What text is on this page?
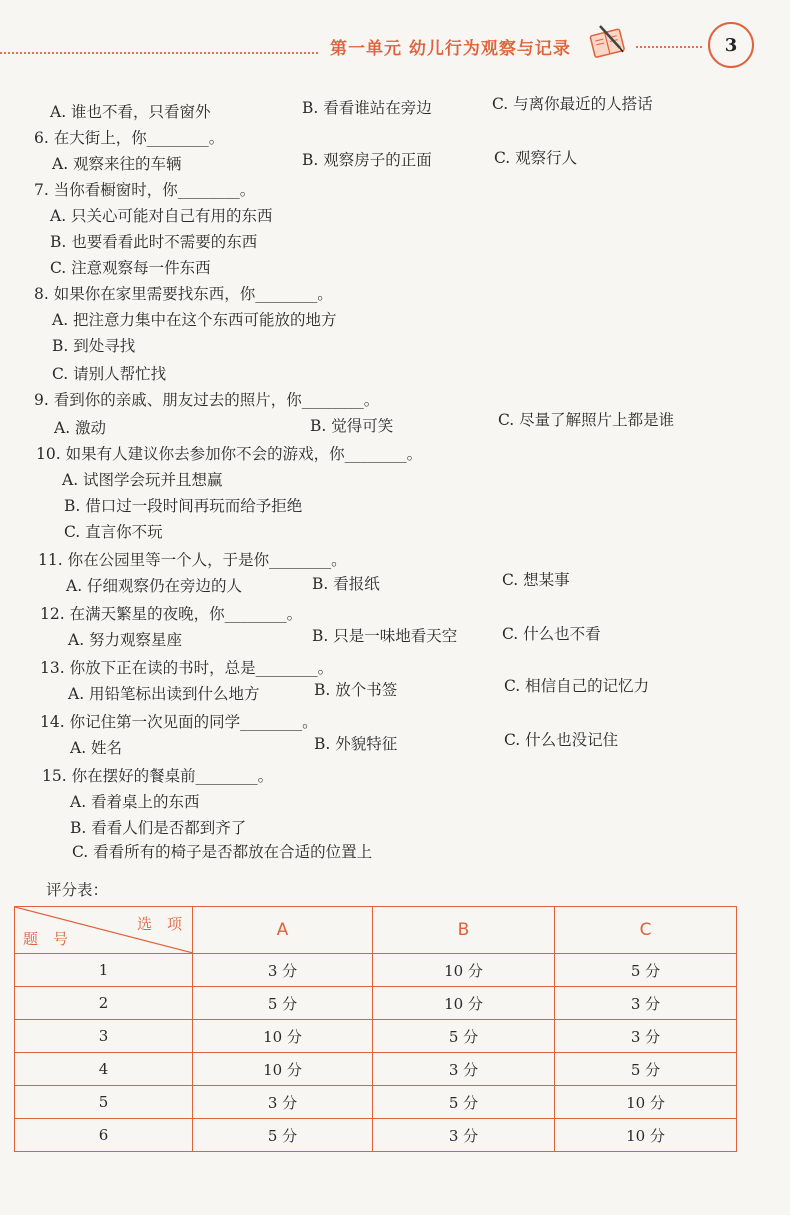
第一单元 幼儿行为观察与记录	3
6. 在大街上，你________。
7. 当你看橱窗时，你________。
A. 只关心可能对自己有用的东西
B. 也要看看此时不需要的东西
C. 注意观察每一件东西
8. 如果你在家里需要找东西，你________。
A. 把注意力集中在这个东西可能放的地方
B. 到处寻找
C. 请别人帮忙找
9. 看到你的亲戚、朋友过去的照片，你________。
10. 如果有人建议你去参加你不会的游戏，你________。
A. 试图学会玩并且想赢
B. 借口过一段时间再玩而给予拒绝
C. 直言你不玩
11. 你在公园里等一个人，于是你________。
12. 在满天繁星的夜晚，你________。
13. 你放下正在读的书时，总是________。
14. 你记住第一次见面的同学________。
15. 你在摆好的餐桌前________。
A. 看着桌上的东西
B. 看看人们是否都到齐了
C. 看看所有的椅子是否都放在合适的位置上
评分表：
A. 谁也不看，只看窗外	B. 看看谁站在旁边	C. 与离你最近的人搭话
A. 观察来往的车辆	B. 观察房子的正面	C. 观察行人
A. 激动	B. 觉得可笑	C. 尽量了解照片上都是谁
A. 仔细观察仍在旁边的人	B. 看报纸	C. 想某事
A. 努力观察星座	B. 只是一味地看天空	C. 什么也不看
A. 用铅笔标出读到什么地方	B. 放个书签	C. 相信自己的记忆力
A. 姓名	B. 外貌特征	C. 什么也没记住
选　项
题　号	A	B	C
1	3 分	10 分	5 分
2	5 分	10 分	3 分
3	10 分	5 分	3 分
4	10 分	3 分	5 分
5	3 分	5 分	10 分
6	5 分	3 分	10 分
